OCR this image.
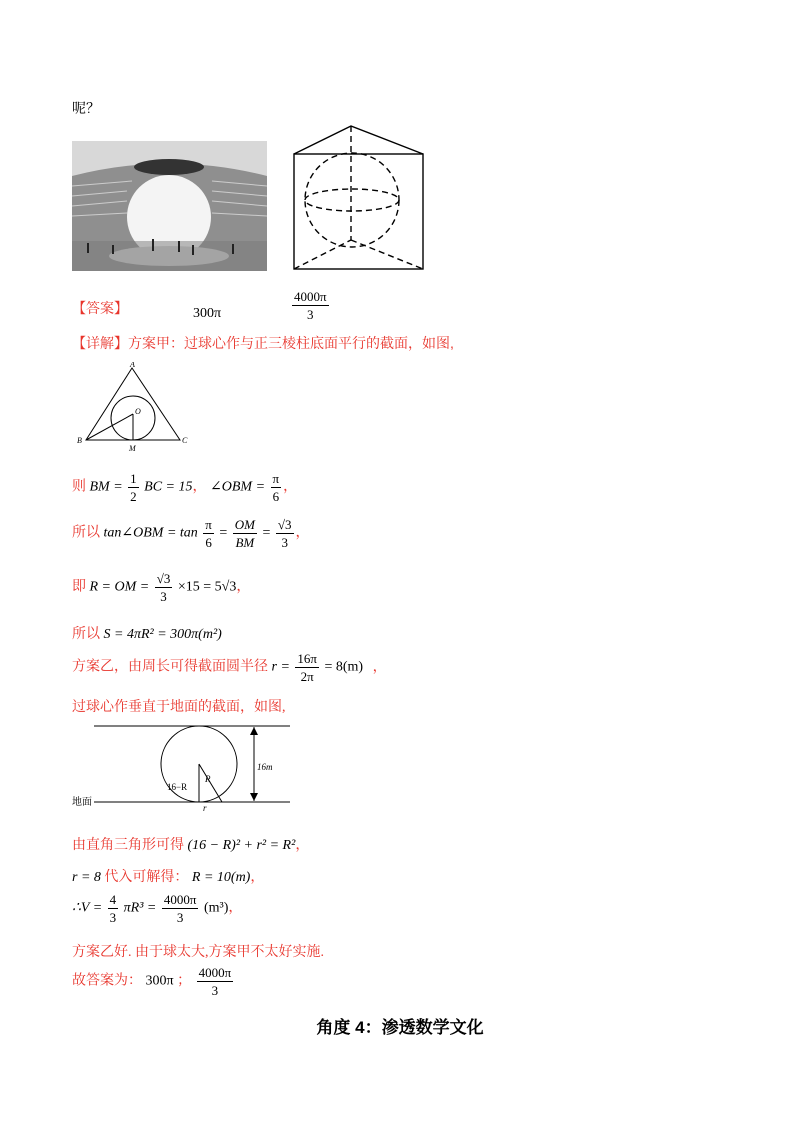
呢？
【答案】	300π	$\frac{4000\pi}{3}$
【详解】方案甲：过球心作与正三棱柱底面平行的截面，如图,
A
B	C
O
M
则 BM = $\frac{1}{2}$ BC = 15， ∠OBM = $\frac{\pi}{6}$ ，
所以 tan∠OBM = $\tan \frac{\pi}{6} = \frac{OM}{BM} = \frac{√3}{3}$ ，
即 R = OM = $\frac{√3}{3} \times 15 = 5√3$，
所以 S = 4πR² = 300π(m²)
方案乙，由周长可得截面圆半径 $r = \frac{16\pi}{2\pi} = 8(m)$ ，
过球心作垂直于地面的截面，如图,
16m
R
16−R
r
地面
由直角三角形可得 (16 − R)² + r² = R²，
r = 8 代入可解得： R = 10(m)，
∴V = $\frac{4}{3} \pi R^3 = \frac{4000\pi}{3} (m^3)$，
方案乙好. 由于球太大,方案甲不太好实施.
故答案为： 300π ； $\frac{4000\pi}{3}$
角度 4：渗透数学文化
